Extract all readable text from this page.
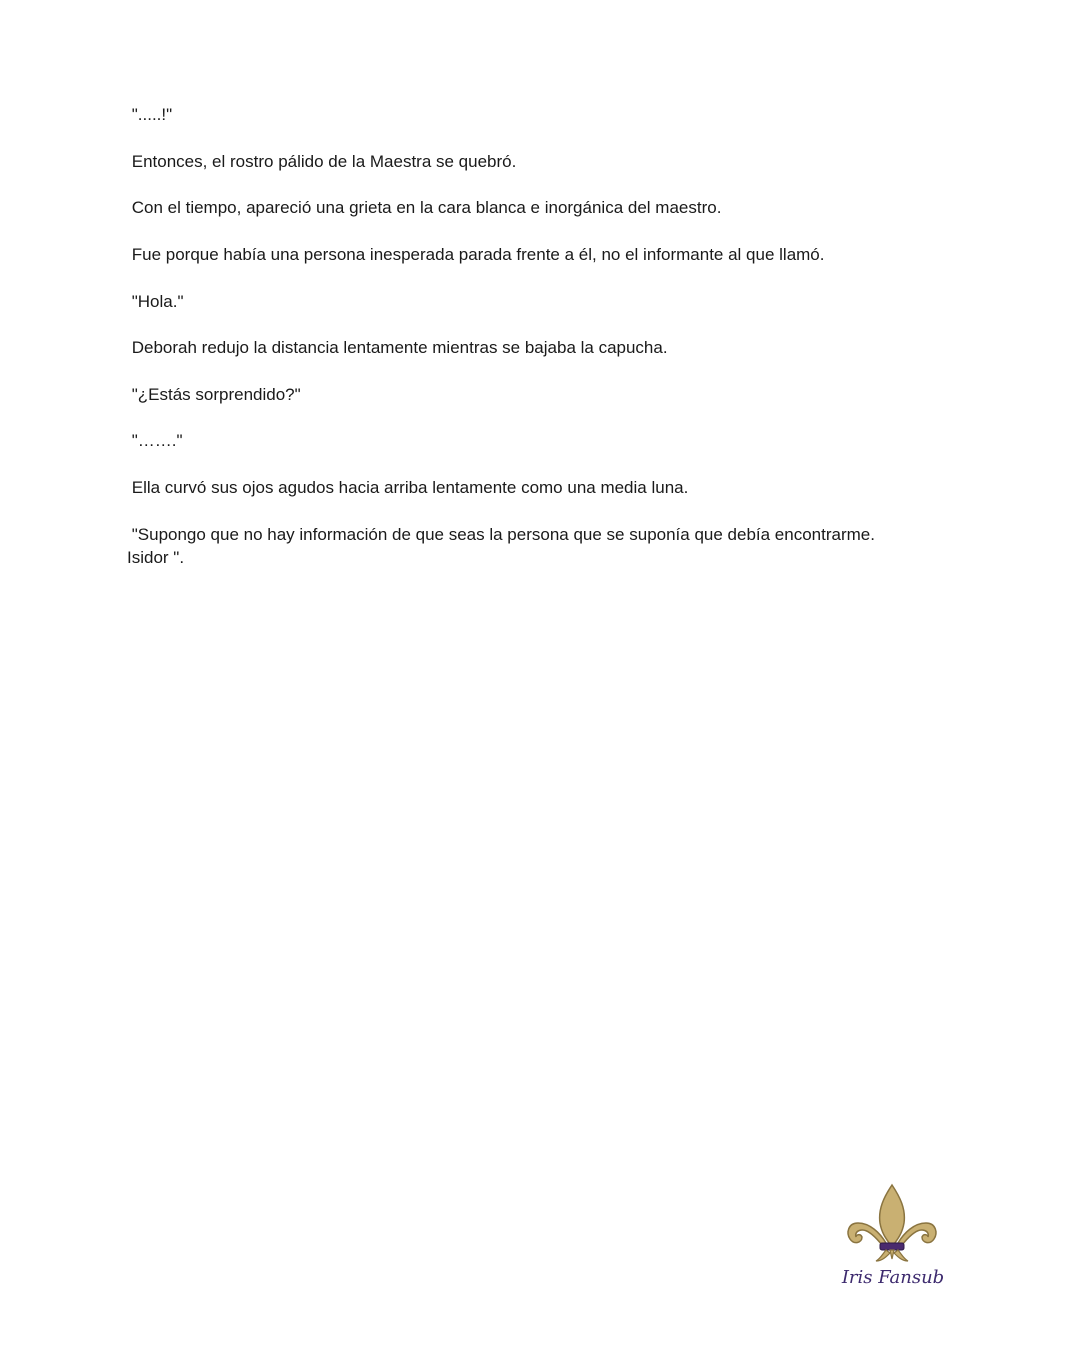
".....!"

Entonces, el rostro pálido de la Maestra se quebró.

Con el tiempo, apareció una grieta en la cara blanca e inorgánica del maestro.

Fue porque había una persona inesperada parada frente a él, no el informante al que llamó.

"Hola."

Deborah redujo la distancia lentamente mientras se bajaba la capucha.

"¿Estás sorprendido?"

"……."

Ella curvó sus ojos agudos hacia arriba lentamente como una media luna.

"Supongo que no hay información de que seas la persona que se suponía que debía encontrarme.
Isidor ".

Iris Fansub
